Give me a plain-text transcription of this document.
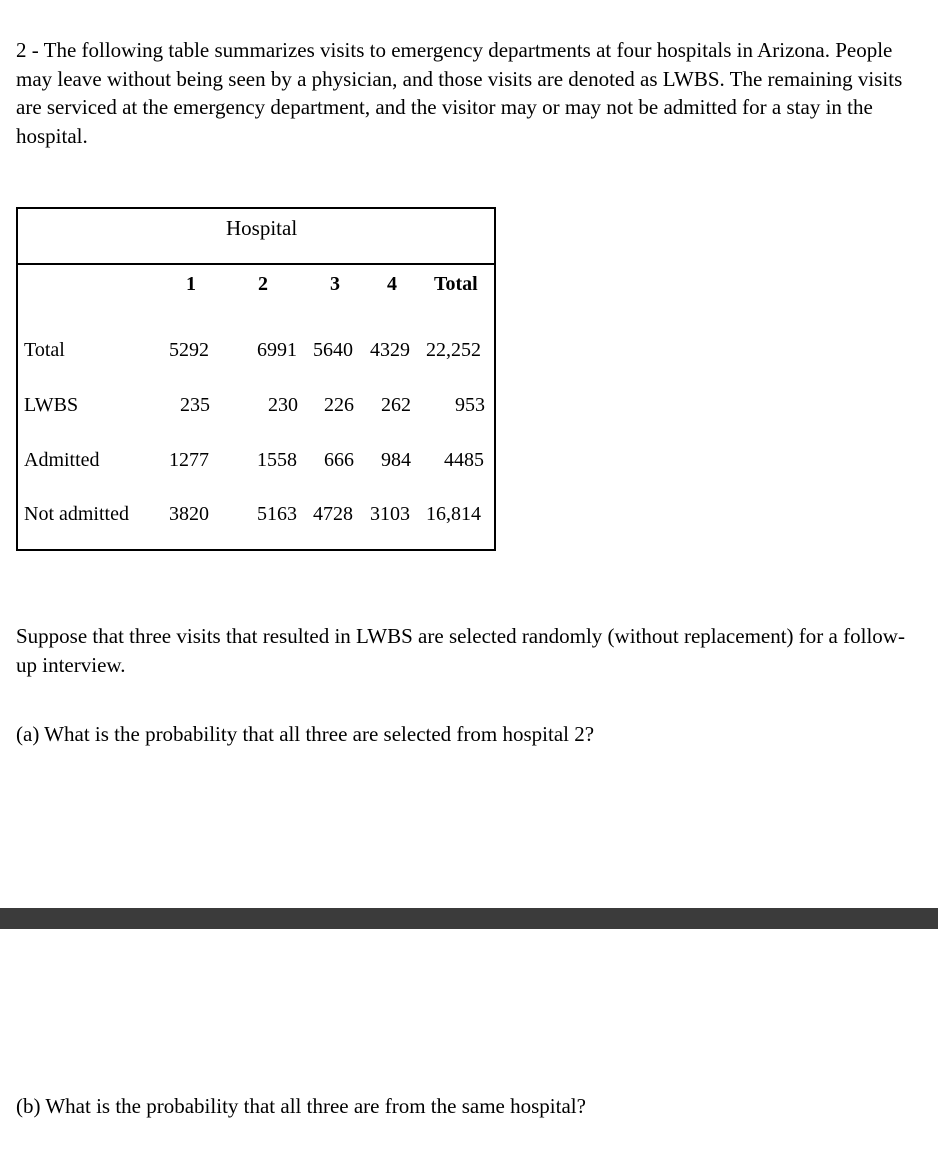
2 - The following table summarizes visits to emergency departments at four hospitals in Arizona. People may leave without being seen by a physician, and those visits are denoted as LWBS. The remaining visits are serviced at the emergency department, and the visitor may or may not be admitted for a stay in the hospital.

Hospital
1	2	3 4 Total
Total	5292 6991 5640 4329 22,252
LWBS	235	230 226 262 953
Admitted	1277 1558 666 984 4485
Not admitted 3820 5163 4728 3103 16,814

Suppose that three visits that resulted in LWBS are selected randomly (without replacement) for a follow-up interview.

(a) What is the probability that all three are selected from hospital 2?

(b) What is the probability that all three are from the same hospital?
